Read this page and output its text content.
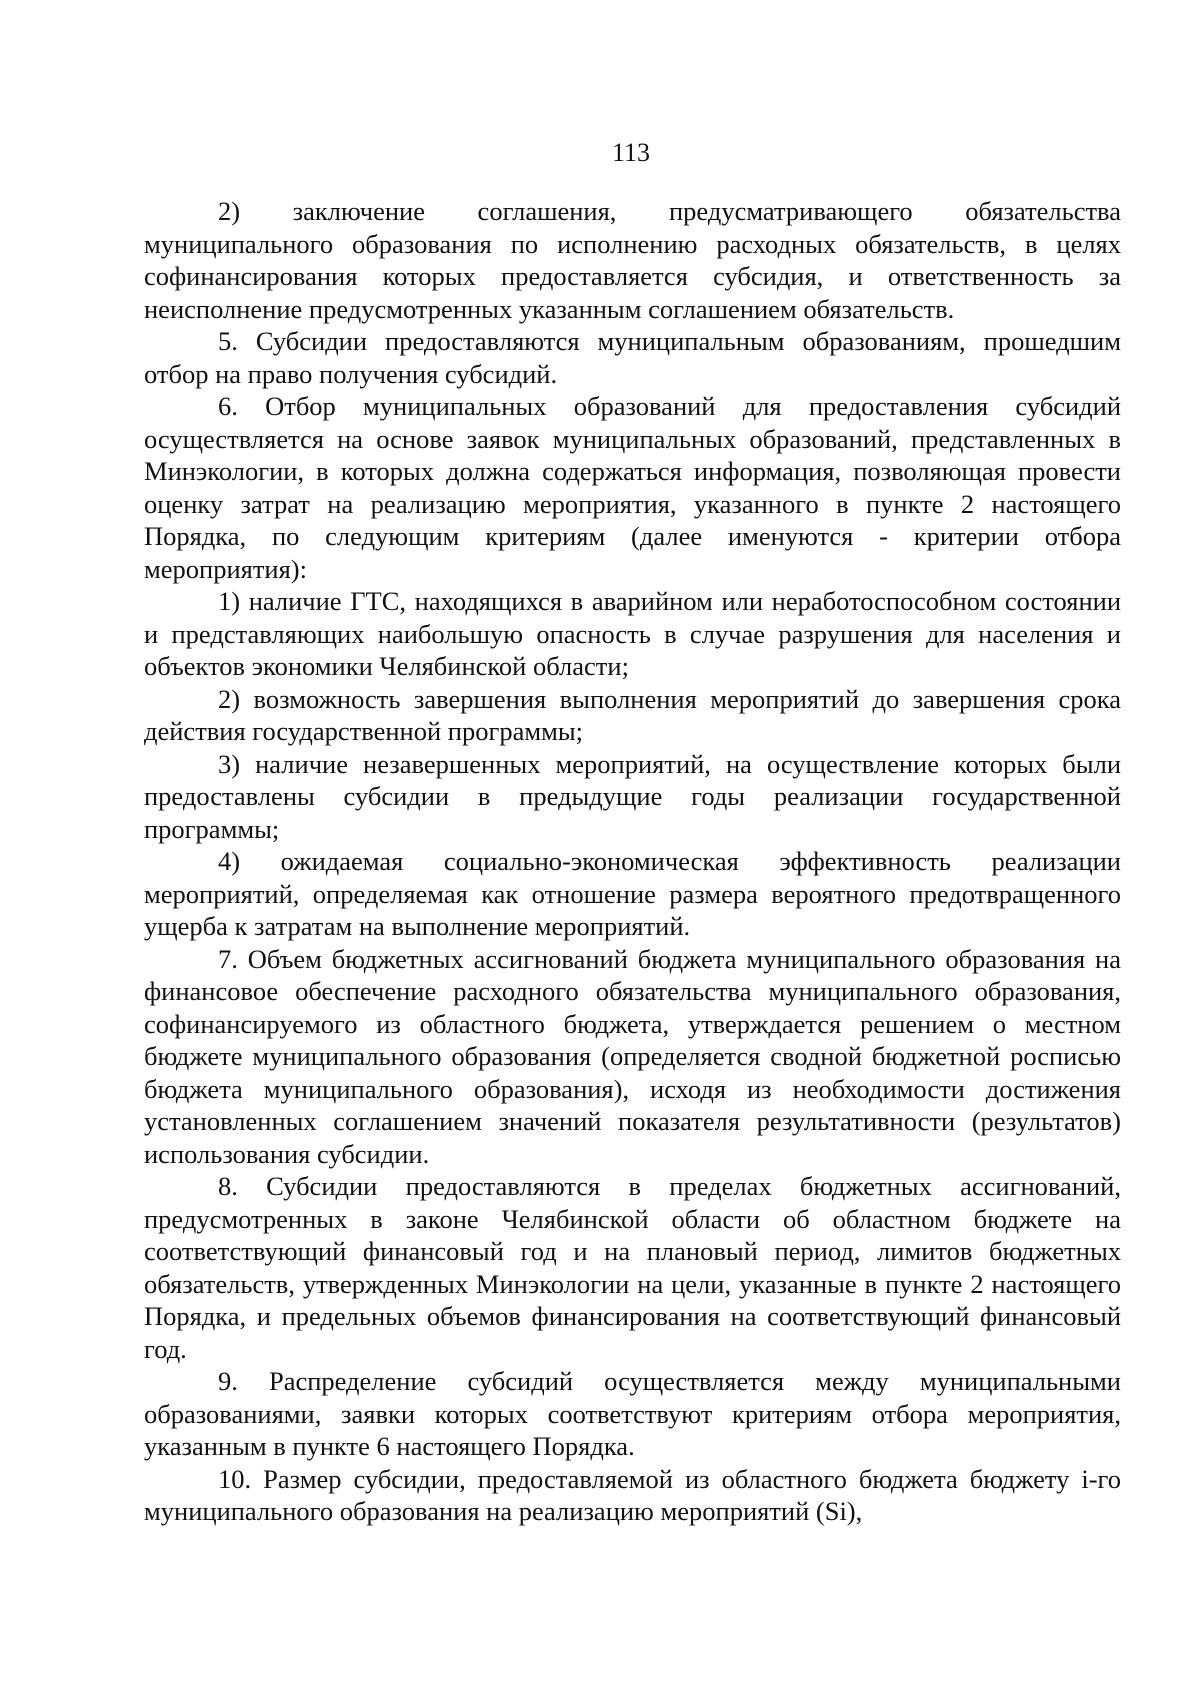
113

2) заключение соглашения, предусматривающего обязательства муниципального образования по исполнению расходных обязательств, в целях софинансирования которых предоставляется субсидия, и ответственность за неисполнение предусмотренных указанным соглашением обязательств.

5. Субсидии предоставляются муниципальным образованиям, прошедшим отбор на право получения субсидий.

6. Отбор муниципальных образований для предоставления субсидий осуществляется на основе заявок муниципальных образований, представленных в Минэкологии, в которых должна содержаться информация, позволяющая провести оценку затрат на реализацию мероприятия, указанного в пункте 2 настоящего Порядка, по следующим критериям (далее именуются - критерии отбора мероприятия):

1) наличие ГТС, находящихся в аварийном или неработоспособном состоянии и представляющих наибольшую опасность в случае разрушения для населения и объектов экономики Челябинской области;

2) возможность завершения выполнения мероприятий до завершения срока действия государственной программы;

3) наличие незавершенных мероприятий, на осуществление которых были предоставлены субсидии в предыдущие годы реализации государственной программы;

4) ожидаемая социально-экономическая эффективность реализации мероприятий, определяемая как отношение размера вероятного предотвращенного ущерба к затратам на выполнение мероприятий.

7. Объем бюджетных ассигнований бюджета муниципального образования на финансовое обеспечение расходного обязательства муниципального образования, софинансируемого из областного бюджета, утверждается решением о местном бюджете муниципального образования (определяется сводной бюджетной росписью бюджета муниципального образования), исходя из необходимости достижения установленных соглашением значений показателя результативности (результатов) использования субсидии.

8. Субсидии предоставляются в пределах бюджетных ассигнований, предусмотренных в законе Челябинской области об областном бюджете на соответствующий финансовый год и на плановый период, лимитов бюджетных обязательств, утвержденных Минэкологии на цели, указанные в пункте 2 настоящего Порядка, и предельных объемов финансирования на соответствующий финансовый год.

9. Распределение субсидий осуществляется между муниципальными образованиями, заявки которых соответствуют критериям отбора мероприятия, указанным в пункте 6 настоящего Порядка.

10. Размер субсидии, предоставляемой из областного бюджета бюджету i-го муниципального образования на реализацию мероприятий (Si),
